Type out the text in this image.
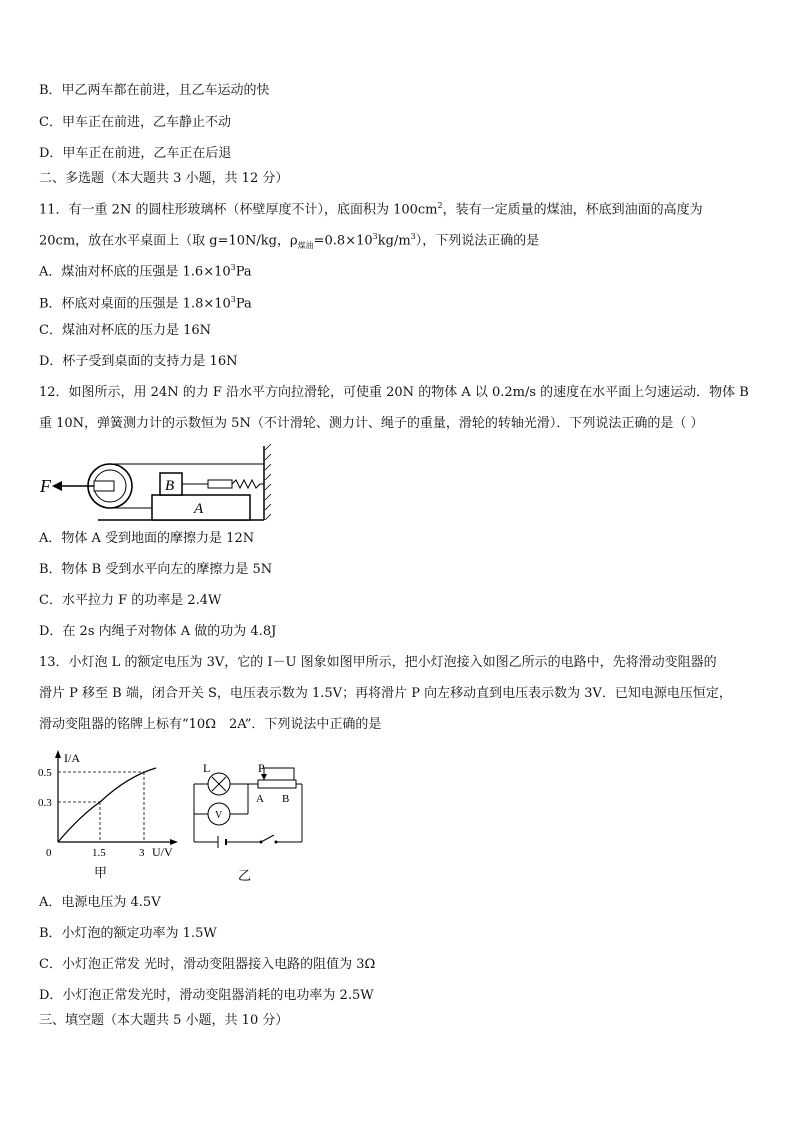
B．甲乙两车都在前进，且乙车运动的快
C．甲车正在前进，乙车静止不动
D．甲车正在前进，乙车正在后退
二、多选题（本大题共 3 小题，共 12 分）
11．有一重 2N 的圆柱形玻璃杯（杯壁厚度不计），底面积为 $100cm^2$，装有一定质量的煤油，杯底到油面的高度为
20cm，放在水平桌面上（取 g=10N/kg，$\rho_{煤油}=0.8\times 10^3kg/m^3$），下列说法正确的是
A．煤油对杯底的压强是 $1.6\times 10^3Pa$
B．杯底对桌面的压强是 $1.8\times 10^3Pa$
C．煤油对杯底的压力是 16N
D．杯子受到桌面的支持力是 16N
12．如图所示，用 24N 的力 F 沿水平方向拉滑轮，可使重 20N 的物体 A 以 0.2m/s 的速度在水平面上匀速运动．物体 B
重 10N，弹簧测力计的示数恒为 5N（不计滑轮、测力计、绳子的重量，滑轮的转轴光滑）．下列说法正确的是（ ）
A
B
F
A．物体 A 受到地面的摩擦力是 12N
B．物体 B 受到水平向左的摩擦力是 5N
C．水平拉力 F 的功率是 2.4W
D．在 2s 内绳子对物体 A 做的功为 4.8J
13．小灯泡 L 的额定电压为 3V，它的 I－U 图象如图甲所示，把小灯泡接入如图乙所示的电路中，先将滑动变阻器的
滑片 P 移至 B 端，闭合开关 S，电压表示数为 1.5V；再将滑片 P 向左移动直到电压表示数为 3V．已知电源电压恒定，
滑动变阻器的铭牌上标有“10Ω　2A”．下列说法中正确的是
I/A
U/V
0
0.5
0.3
1.5	3
甲
L
V
P
A B
乙
A．电源电压为 4.5V
B．小灯泡的额定功率为 1.5W
C．小灯泡正常发 光时，滑动变阻器接入电路的阻值为 3Ω
D．小灯泡正常发光时，滑动变阻器消耗的电功率为 2.5W
三、填空题（本大题共 5 小题，共 10 分）
